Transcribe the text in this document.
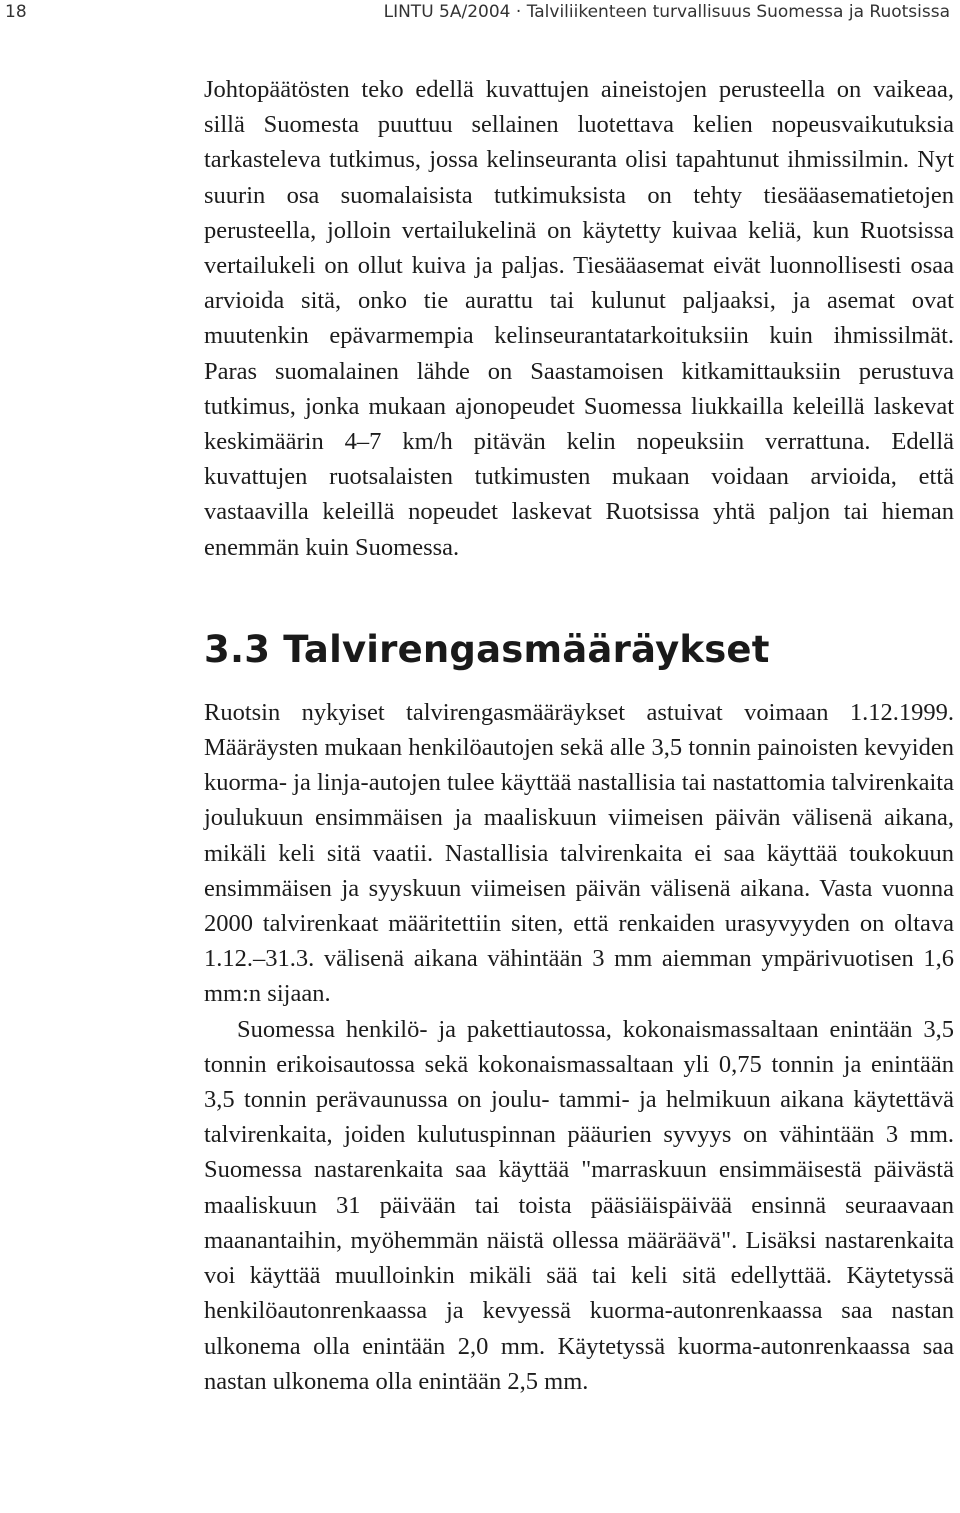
18	LINTU 5A/2004 · Talviliikenteen turvallisuus Suomessa ja Ruotsissa

Johtopäätösten teko edellä kuvattujen aineistojen perusteella on vaikeaa, sillä Suomesta puuttuu sellainen luotettava kelien nopeusvaikutuksia tarkasteleva tutkimus, jossa kelinseuranta olisi tapahtunut ihmissilmin. Nyt suurin osa suomalaisista tutkimuksista on tehty tiesääasematietojen perusteella, jolloin vertailukelinä on käytetty kuivaa keliä, kun Ruotsissa vertailukeli on ollut kuiva ja paljas. Tiesääasemat eivät luonnollisesti osaa arvioida sitä, onko tie aurattu tai kulunut paljaaksi, ja asemat ovat muutenkin epävarmempia kelinseurantatarkoituksiin kuin ihmissilmät. Paras suomalainen lähde on Saastamoisen kitkamittauksiin perustuva tutkimus, jonka mukaan ajonopeudet Suomessa liukkailla keleillä laskevat keskimäärin 4–7 km/h pitävän kelin nopeuksiin verrattuna. Edellä kuvattujen ruotsalaisten tutkimusten mukaan voidaan arvioida, että vastaavilla keleillä nopeudet laskevat Ruotsissa yhtä paljon tai hieman enemmän kuin Suomessa.

3.3 Talvirengasmääräykset

Ruotsin nykyiset talvirengasmääräykset astuivat voimaan 1.12.1999. Määräysten mukaan henkilöautojen sekä alle 3,5 tonnin painoisten kevyiden kuorma- ja linja-autojen tulee käyttää nastallisia tai nastattomia talvirenkaita joulukuun ensimmäisen ja maaliskuun viimeisen päivän välisenä aikana, mikäli keli sitä vaatii. Nastallisia talvirenkaita ei saa käyttää toukokuun ensimmäisen ja syyskuun viimeisen päivän välisenä aikana. Vasta vuonna 2000 talvirenkaat määritettiin siten, että renkaiden urasyvyyden on oltava 1.12.–31.3. välisenä aikana vähintään 3 mm aiemman ympärivuotisen 1,6 mm:n sijaan.

Suomessa henkilö- ja pakettiautossa, kokonaismassaltaan enintään 3,5 tonnin erikoisautossa sekä kokonaismassaltaan yli 0,75 tonnin ja enintään 3,5 tonnin perävaunussa on joulu- tammi- ja helmikuun aikana käytettävä talvirenkaita, joiden kulutuspinnan pääurien syvyys on vähintään 3 mm. Suomessa nastarenkaita saa käyttää "marraskuun ensimmäisestä päivästä maaliskuun 31 päivään tai toista pääsiäispäivää ensinnä seuraavaan maanantaihin, myöhemmän näistä ollessa määräävä". Lisäksi nastarenkaita voi käyttää muulloinkin mikäli sää tai keli sitä edellyttää. Käytetyssä henkilöautonrenkaassa ja kevyessä kuorma-autonrenkaassa saa nastan ulkonema olla enintään 2,0 mm. Käytetyssä kuorma-autonrenkaassa saa nastan ulkonema olla enintään 2,5 mm.
